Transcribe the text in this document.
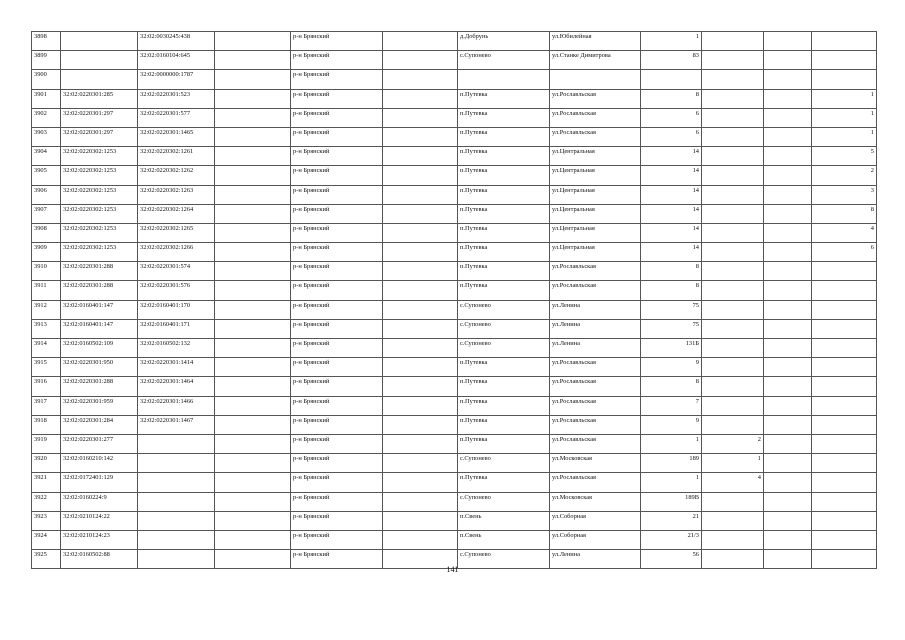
3898		32:02:0030245:438		р-н Брянский		д.Добрунь	ул.Юбилейная	1			
3899		32:02:0160104:645		р-н Брянский		с.Супонево	ул.Станке Димитрова	83			
3900		32:02:0000000:1787		р-н Брянский							
3901	32:02:0220301:285	32:02:0220301:523		р-н Брянский		п.Путевка	ул.Рославльская	8			1
3902	32:02:0220301:297	32:02:0220301:577		р-н Брянский		п.Путевка	ул.Рославльская	6			1
3903	32:02:0220301:297	32:02:0220301:1465		р-н Брянский		п.Путевка	ул.Рославльская	6			1
3904	32:02:0220302:1253	32:02:0220302:1261		р-н Брянский		п.Путевка	ул.Центральная	14			5
3905	32:02:0220302:1253	32:02:0220302:1262		р-н Брянский		п.Путевка	ул.Центральная	14			2
3906	32:02:0220302:1253	32:02:0220302:1263		р-н Брянский		п.Путевка	ул.Центральная	14			3
3907	32:02:0220302:1253	32:02:0220302:1264		р-н Брянский		п.Путевка	ул.Центральная	14			8
3908	32:02:0220302:1253	32:02:0220302:1265		р-н Брянский		п.Путевка	ул.Центральная	14			4
3909	32:02:0220302:1253	32:02:0220302:1266		р-н Брянский		п.Путевка	ул.Центральная	14			6
3910	32:02:0220301:288	32:02:0220301:574		р-н Брянский		п.Путевка	ул.Рославльская	8			
3911	32:02:0220301:288	32:02:0220301:576		р-н Брянский		п.Путевка	ул.Рославльская	8			
3912	32:02:0160401:147	32:02:0160401:170		р-н Брянский		с.Супонево	ул.Ленина	75			
3913	32:02:0160401:147	32:02:0160401:171		р-н Брянский		с.Супонево	ул.Ленина	75			
3914	32:02:0160502:109	32:02:0160502:132		р-н Брянский		с.Супонево	ул.Ленина	131Б			
3915	32:02:0220301:950	32:02:0220301:1414		р-н Брянский		п.Путевка	ул.Рославльская	9			
3916	32:02:0220301:288	32:02:0220301:1464		р-н Брянский		п.Путевка	ул.Рославльская	8			
3917	32:02:0220301:959	32:02:0220301:1466		р-н Брянский		п.Путевка	ул.Рославльская	7			
3918	32:02:0220301:284	32:02:0220301:1467		р-н Брянский		п.Путевка	ул.Рославльская	9			
3919	32:02:0220301:277			р-н Брянский		п.Путевка	ул.Рославльская	1	2		
3920	32:02:0160210:142			р-н Брянский		с.Супонево	ул.Московская	189	1		
3921	32:02:0172401:129			р-н Брянский		п.Путевка	ул.Рославльская	1	4		
3922	32:02:0160224:9			р-н Брянский		с.Супонево	ул.Московская	189В			
3923	32:02:0210124:22			р-н Брянский		п.Свень	ул.Соборная	21			
3924	32:02:0210124:23			р-н Брянский		п.Свень	ул.Соборная	21/3			
3925	32:02:0160502:88			р-н Брянский		с.Супонево	ул.Ленина	56			
141
